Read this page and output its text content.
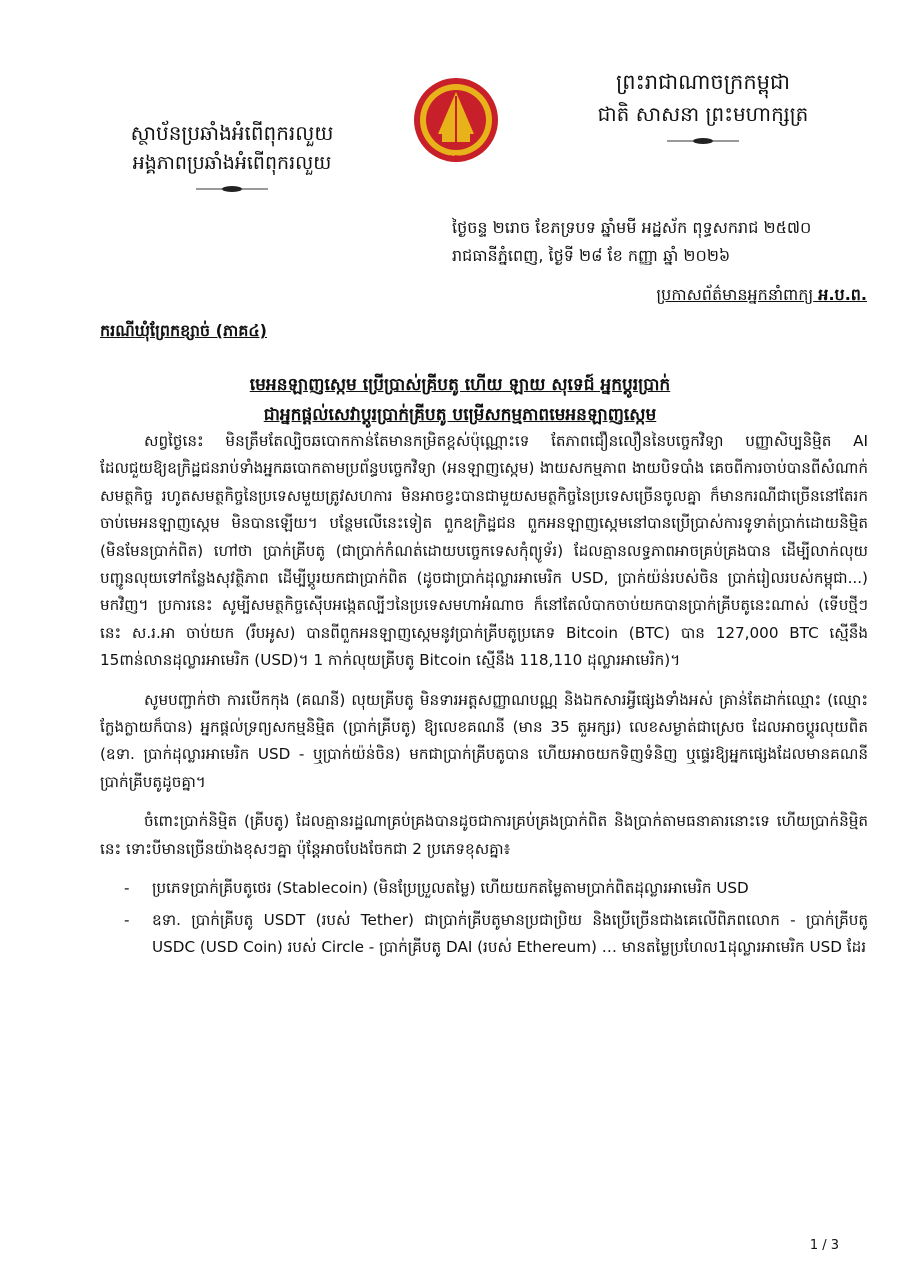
ស្ថាប័នប្រឆាំងអំពើពុករលួយ
អង្គភាពប្រឆាំងអំពើពុករលួយ	ACU
ព្រះរាជាណាចក្រកម្ពុជា
ជាតិ សាសនា ព្រះមហាក្សត្រ
ថ្ងៃចន្ទ ២រោច ខែភទ្របទ ឆ្នាំមមី អដ្ឋស័ក ពុទ្ធសករាជ ២៥៧០
រាជធានីភ្នំពេញ, ថ្ងៃទី ២៨ ខែ កញ្ញា ឆ្នាំ ២០២៦
ប្រកាសព័ត៌មានអ្នកនាំពាក្យ អ.ប.ព.
ករណីឃុំព្រែកខ្សាច់ (ភាគ៤)
មេអនឡាញស្កេម ប្រើប្រាស់គ្រីបតូ ហើយ ឡាយ សុទេជ៍ អ្នកប្តូរប្រាក់
ជាអ្នកផ្តល់សេវាប្តូរប្រាក់គ្រីបតូ បម្រើសកម្មភាពមេអនឡាញស្កេម

សព្វថ្ងៃនេះ មិនត្រឹមតែល្បិចឆបោកកាន់តែមានកម្រិតខ្ពស់ប៉ុណ្ណោះទេ តែភាពជឿនលឿននៃបច្ចេកវិទ្យា បញ្ញាសិប្បនិម្មិត AI ដែលជួយឱ្យឧក្រិដ្ឋជនរាប់ទាំងអ្នកឆបោកតាមប្រព័ន្ធបច្ចេកវិទ្យា (អនឡាញស្កេម) ងាយសកម្មភាព ងាយបិទបាំង គេចពីការចាប់បានពីសំណាក់សមត្ថកិច្ច រហូតសមត្ថកិច្ចនៃប្រទេសមួយត្រូវសហការ មិនអាចខ្វះបានជាមួយសមត្ថកិច្ចនៃប្រទេសច្រើនចូលគ្នា ក៏មានករណីជាច្រើននៅតែរកចាប់មេអនឡាញស្កេម មិនបានឡើយ។ បន្ថែមលើនេះទៀត ពួកឧក្រិដ្ឋជន ពួកអនឡាញស្កេមនៅបានប្រើប្រាស់ការទូទាត់ប្រាក់ដោយនិម្មិត (មិនមែនប្រាក់ពិត) ហៅថា ប្រាក់គ្រីបតូ (ជាប្រាក់កំណត់ដោយបច្ចេកទេសកុំព្យូទ័រ) ដែលគ្មានលទ្ធភាពអាចគ្រប់គ្រងបាន ដើម្បីលាក់លុយ បញ្ជូនលុយទៅកន្លែងសុវត្ថិភាព ដើម្បីប្តូរយកជាប្រាក់ពិត (ដូចជាប្រាក់ដុល្លារអាមេរិក USD, ប្រាក់យ៉ន់របស់ចិន ប្រាក់រៀលរបស់កម្ពុជា...) មកវិញ។ ប្រការនេះ សូម្បីសមត្ថកិច្ចស៊ើបអង្កេតល្បីៗនៃប្រទេសមហាអំណាច ក៏នៅតែលំបាកចាប់យកបានប្រាក់គ្រីបតូនេះណាស់ (ទើបថ្មីៗនេះ ស.រ.អា ចាប់យក (រឹបអូស) បានពីពួកអនឡាញស្កេមនូវប្រាក់គ្រីបតូប្រភេទ Bitcoin (BTC) បាន 127,000 BTC ស្មើនឹង 15ពាន់លានដុល្លារអាមេរិក (USD)។ 1 កាក់លុយគ្រីបតូ Bitcoin ស្មើនឹង 118,110 ដុល្លារអាមេរិក)។

សូមបញ្ជាក់ថា ការបើកកុង (គណនី) លុយគ្រីបតូ មិនទារអត្តសញ្ញាណបណ្ណ និងឯកសារអ្វីផ្សេងទាំងអស់ គ្រាន់តែដាក់ឈ្មោះ (ឈ្មោះក្លែងក្លាយក៏បាន) អ្នកផ្តល់ទ្រព្យសកម្មនិម្មិត (ប្រាក់គ្រីបតូ) ឱ្យលេខគណនី (មាន 35 តួអក្សរ) លេខសម្ងាត់ជាស្រេច ដែលអាចប្តូរលុយពិត (ឧទា. ប្រាក់ដុល្លារអាមេរិក USD - ឬប្រាក់យ៉ន់ចិន) មកជាប្រាក់គ្រីបតូបាន ហើយអាចយកទិញទំនិញ ឬផ្ទេរឱ្យអ្នកផ្សេងដែលមានគណនីប្រាក់គ្រីបតូដូចគ្នា។

ចំពោះប្រាក់និម្មិត (គ្រីបតូ) ដែលគ្មានរដ្ឋណាគ្រប់គ្រងបានដូចជាការគ្រប់គ្រងប្រាក់ពិត និងប្រាក់តាមធនាគារនោះទេ ហើយប្រាក់និម្មិតនេះ ទោះបីមានច្រើនយ៉ាងខុសៗគ្នា ប៉ុន្តែអាចបែងចែកជា 2 ប្រភេទខុសគ្នា៖

- ប្រភេទប្រាក់គ្រីបតូថេរ (Stablecoin) (មិនប្រែប្រួលតម្លៃ) ហើយយកតម្លៃតាមប្រាក់ពិតដុល្លារអាមេរិក USD
- ឧទា. ប្រាក់គ្រីបតូ USDT (របស់ Tether) ជាប្រាក់គ្រីបតូមានប្រជាប្រិយ និងប្រើច្រើនជាងគេលើពិភពលោក - ប្រាក់គ្រីបតូ USDC (USD Coin) របស់ Circle - ប្រាក់គ្រីបតូ DAI (របស់ Ethereum) … មានតម្លៃប្រហែល1ដុល្លារអាមេរិក USD ដែរ
1 / 3
